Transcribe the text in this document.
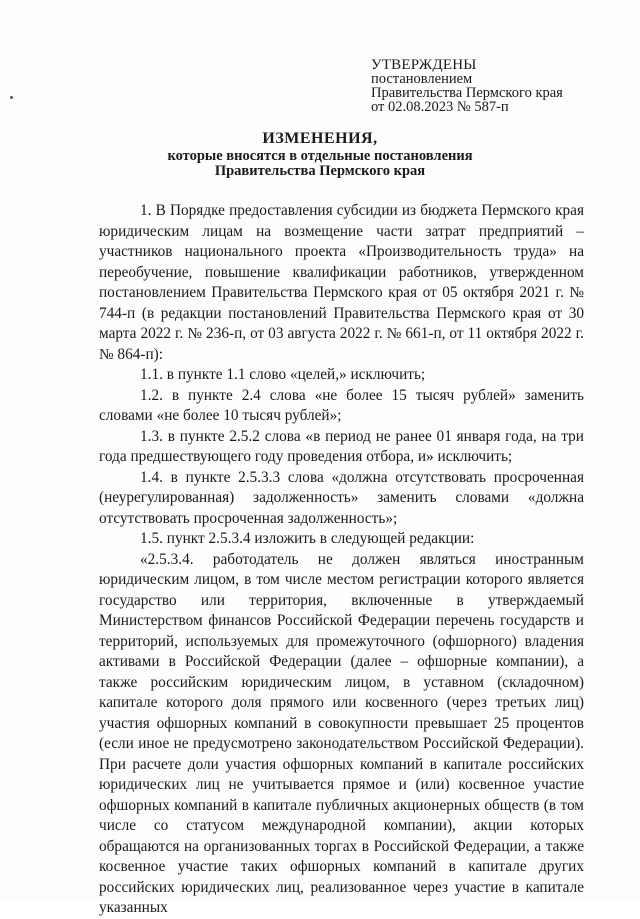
УТВЕРЖДЕНЫ
постановлением
Правительства Пермского края
от 02.08.2023 № 587-п
ИЗМЕНЕНИЯ,
которые вносятся в отдельные постановления
Правительства Пермского края

1. В Порядке предоставления субсидии из бюджета Пермского края юридическим лицам на возмещение части затрат предприятий – участников национального проекта «Производительность труда» на переобучение, повышение квалификации работников, утвержденном постановлением Правительства Пермского края от 05 октября 2021 г. № 744-п (в редакции постановлений Правительства Пермского края от 30 марта 2022 г. № 236-п, от 03 августа 2022 г. № 661-п, от 11 октября 2022 г. № 864-п):

1.1. в пункте 1.1 слово «целей,» исключить;

1.2. в пункте 2.4 слова «не более 15 тысяч рублей» заменить словами «не более 10 тысяч рублей»;

1.3. в пункте 2.5.2 слова «в период не ранее 01 января года, на три года предшествующего году проведения отбора, и» исключить;

1.4. в пункте 2.5.3.3 слова «должна отсутствовать просроченная (неурегулированная) задолженность» заменить словами «должна отсутствовать просроченная задолженность»;

1.5. пункт 2.5.3.4 изложить в следующей редакции:

«2.5.3.4. работодатель не должен являться иностранным юридическим лицом, в том числе местом регистрации которого является государство или территория, включенные в утверждаемый Министерством финансов Российской Федерации перечень государств и территорий, используемых для промежуточного (офшорного) владения активами в Российской Федерации (далее – офшорные компании), а также российским юридическим лицом, в уставном (складочном) капитале которого доля прямого или косвенного (через третьих лиц) участия офшорных компаний в совокупности превышает 25 процентов (если иное не предусмотрено законодательством Российской Федерации). При расчете доли участия офшорных компаний в капитале российских юридических лиц не учитывается прямое и (или) косвенное участие офшорных компаний в капитале публичных акционерных обществ (в том числе со статусом международной компании), акции которых обращаются на организованных торгах в Российской Федерации, а также косвенное участие таких офшорных компаний в капитале других российских юридических лиц, реализованное через участие в капитале указанных
